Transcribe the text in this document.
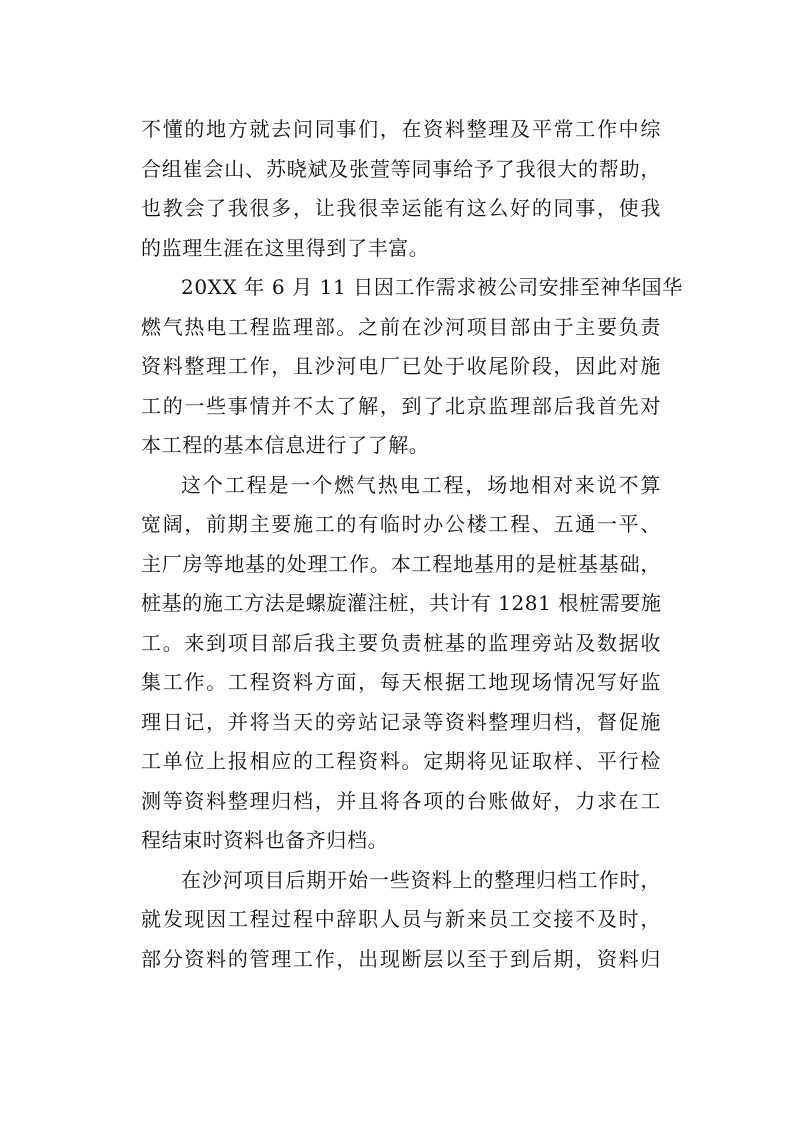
不懂的地方就去问同事们，在资料整理及平常工作中综
合组崔会山、苏晓斌及张萱等同事给予了我很大的帮助，
也教会了我很多，让我很幸运能有这么好的同事，使我
的监理生涯在这里得到了丰富。
20XX 年 6 月 11 日因工作需求被公司安排至神华国华
燃气热电工程监理部。之前在沙河项目部由于主要负责
资料整理工作，且沙河电厂已处于收尾阶段，因此对施
工的一些事情并不太了解，到了北京监理部后我首先对
本工程的基本信息进行了了解。
这个工程是一个燃气热电工程，场地相对来说不算
宽阔，前期主要施工的有临时办公楼工程、五通一平、
主厂房等地基的处理工作。本工程地基用的是桩基基础，
桩基的施工方法是螺旋灌注桩，共计有 1281 根桩需要施
工。来到项目部后我主要负责桩基的监理旁站及数据收
集工作。工程资料方面，每天根据工地现场情况写好监
理日记，并将当天的旁站记录等资料整理归档，督促施
工单位上报相应的工程资料。定期将见证取样、平行检
测等资料整理归档，并且将各项的台账做好，力求在工
程结束时资料也备齐归档。
在沙河项目后期开始一些资料上的整理归档工作时，
就发现因工程过程中辞职人员与新来员工交接不及时，
部分资料的管理工作，出现断层以至于到后期，资料归
